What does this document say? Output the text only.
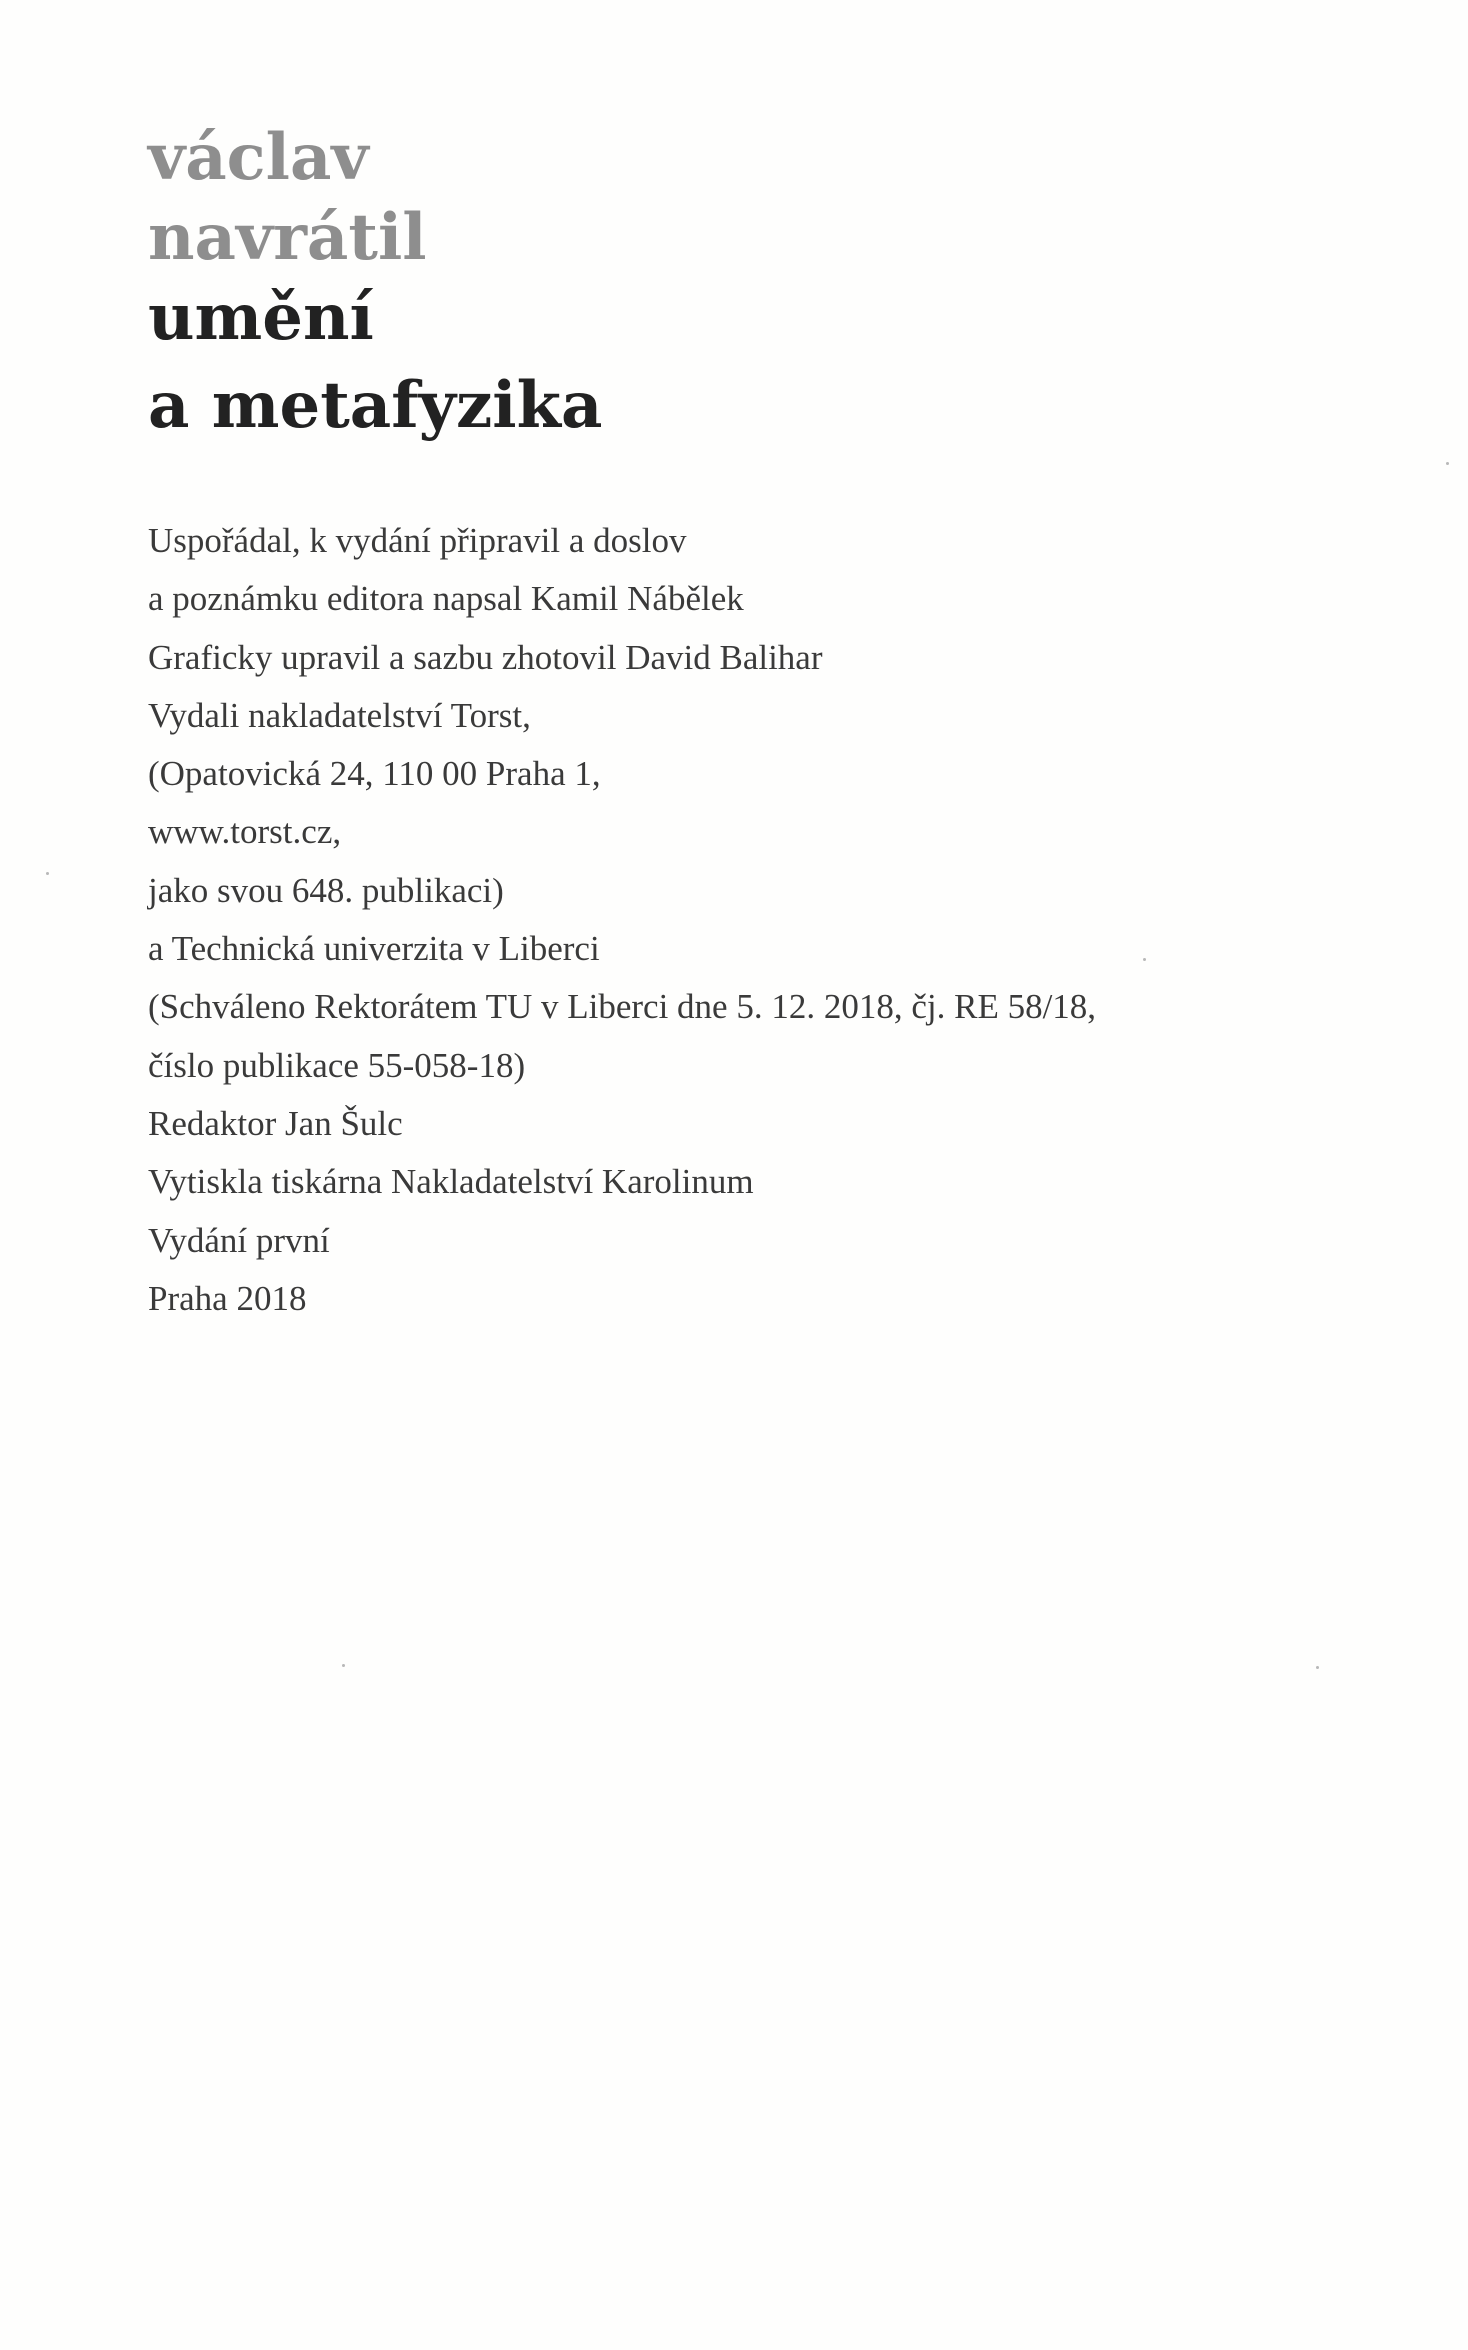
václav

navrátil

umění

a metafyzika

Uspořádal, k vydání připravil a doslov
a poznámku editora napsal Kamil Nábělek
Graficky upravil a sazbu zhotovil David Balihar
Vydali nakladatelství Torst,
(Opatovická 24, 110 00 Praha 1,
www.torst.cz,
jako svou 648. publikaci)
a Technická univerzita v Liberci
(Schváleno Rektorátem TU v Liberci dne 5. 12. 2018, čj. RE 58/18,
číslo publikace 55-058-18)
Redaktor Jan Šulc
Vytiskla tiskárna Nakladatelství Karolinum
Vydání první
Praha 2018
